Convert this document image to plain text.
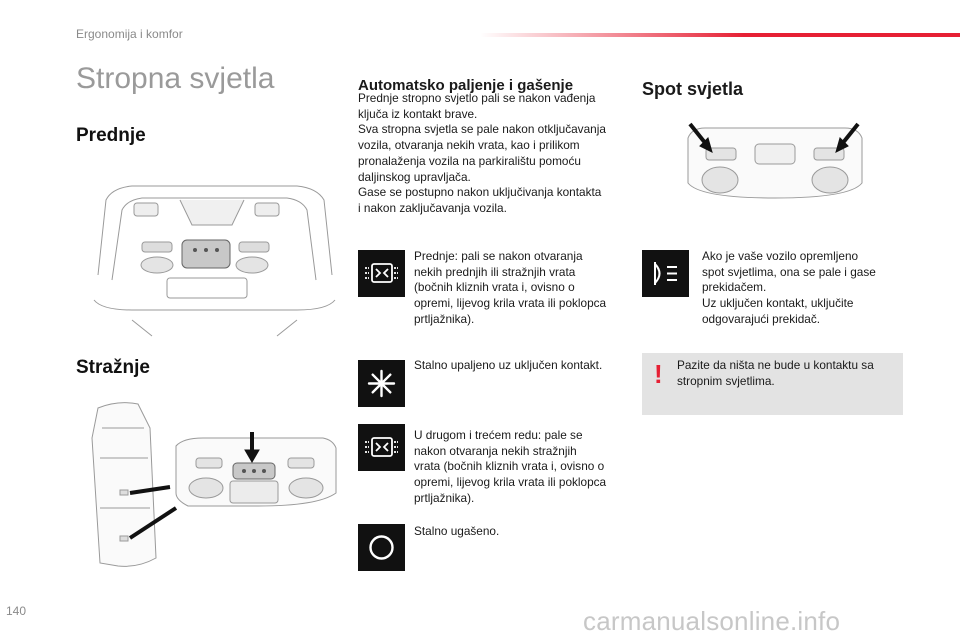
Ergonomija i komfor
Stropna svjetla
Prednje
Stražnje
Automatsko paljenje i gašenje
Prednje stropno svjetlo pali se nakon vađenja
ključa iz kontakt brave.
Sva stropna svjetla se pale nakon otključavanja
vozila, otvaranja nekih vrata, kao i prilikom
pronalaženja vozila na parkiralištu pomoću
daljinskog upravljača.
Gase se postupno nakon uključivanja kontakta
i nakon zaključavanja vozila.
Prednje: pali se nakon otvaranja
nekih prednjih ili stražnjih vrata
(bočnih kliznih vrata i, ovisno o
opremi, lijevog krila vrata ili poklopca
prtljažnika).
Stalno upaljeno uz uključen kontakt.
U drugom i trećem redu: pale se
nakon otvaranja nekih stražnjih
vrata (bočnih kliznih vrata i, ovisno o
opremi, lijevog krila vrata ili poklopca
prtljažnika).
Stalno ugašeno.
Spot svjetla
Ako je vaše vozilo opremljeno
spot svjetlima, ona se pale i gase
prekidačem.
Uz uključen kontakt, uključite
odgovarajući prekidač.
! Pazite da ništa ne bude u kontaktu sa stropnim svjetlima.
140	carmanualsonline.info
